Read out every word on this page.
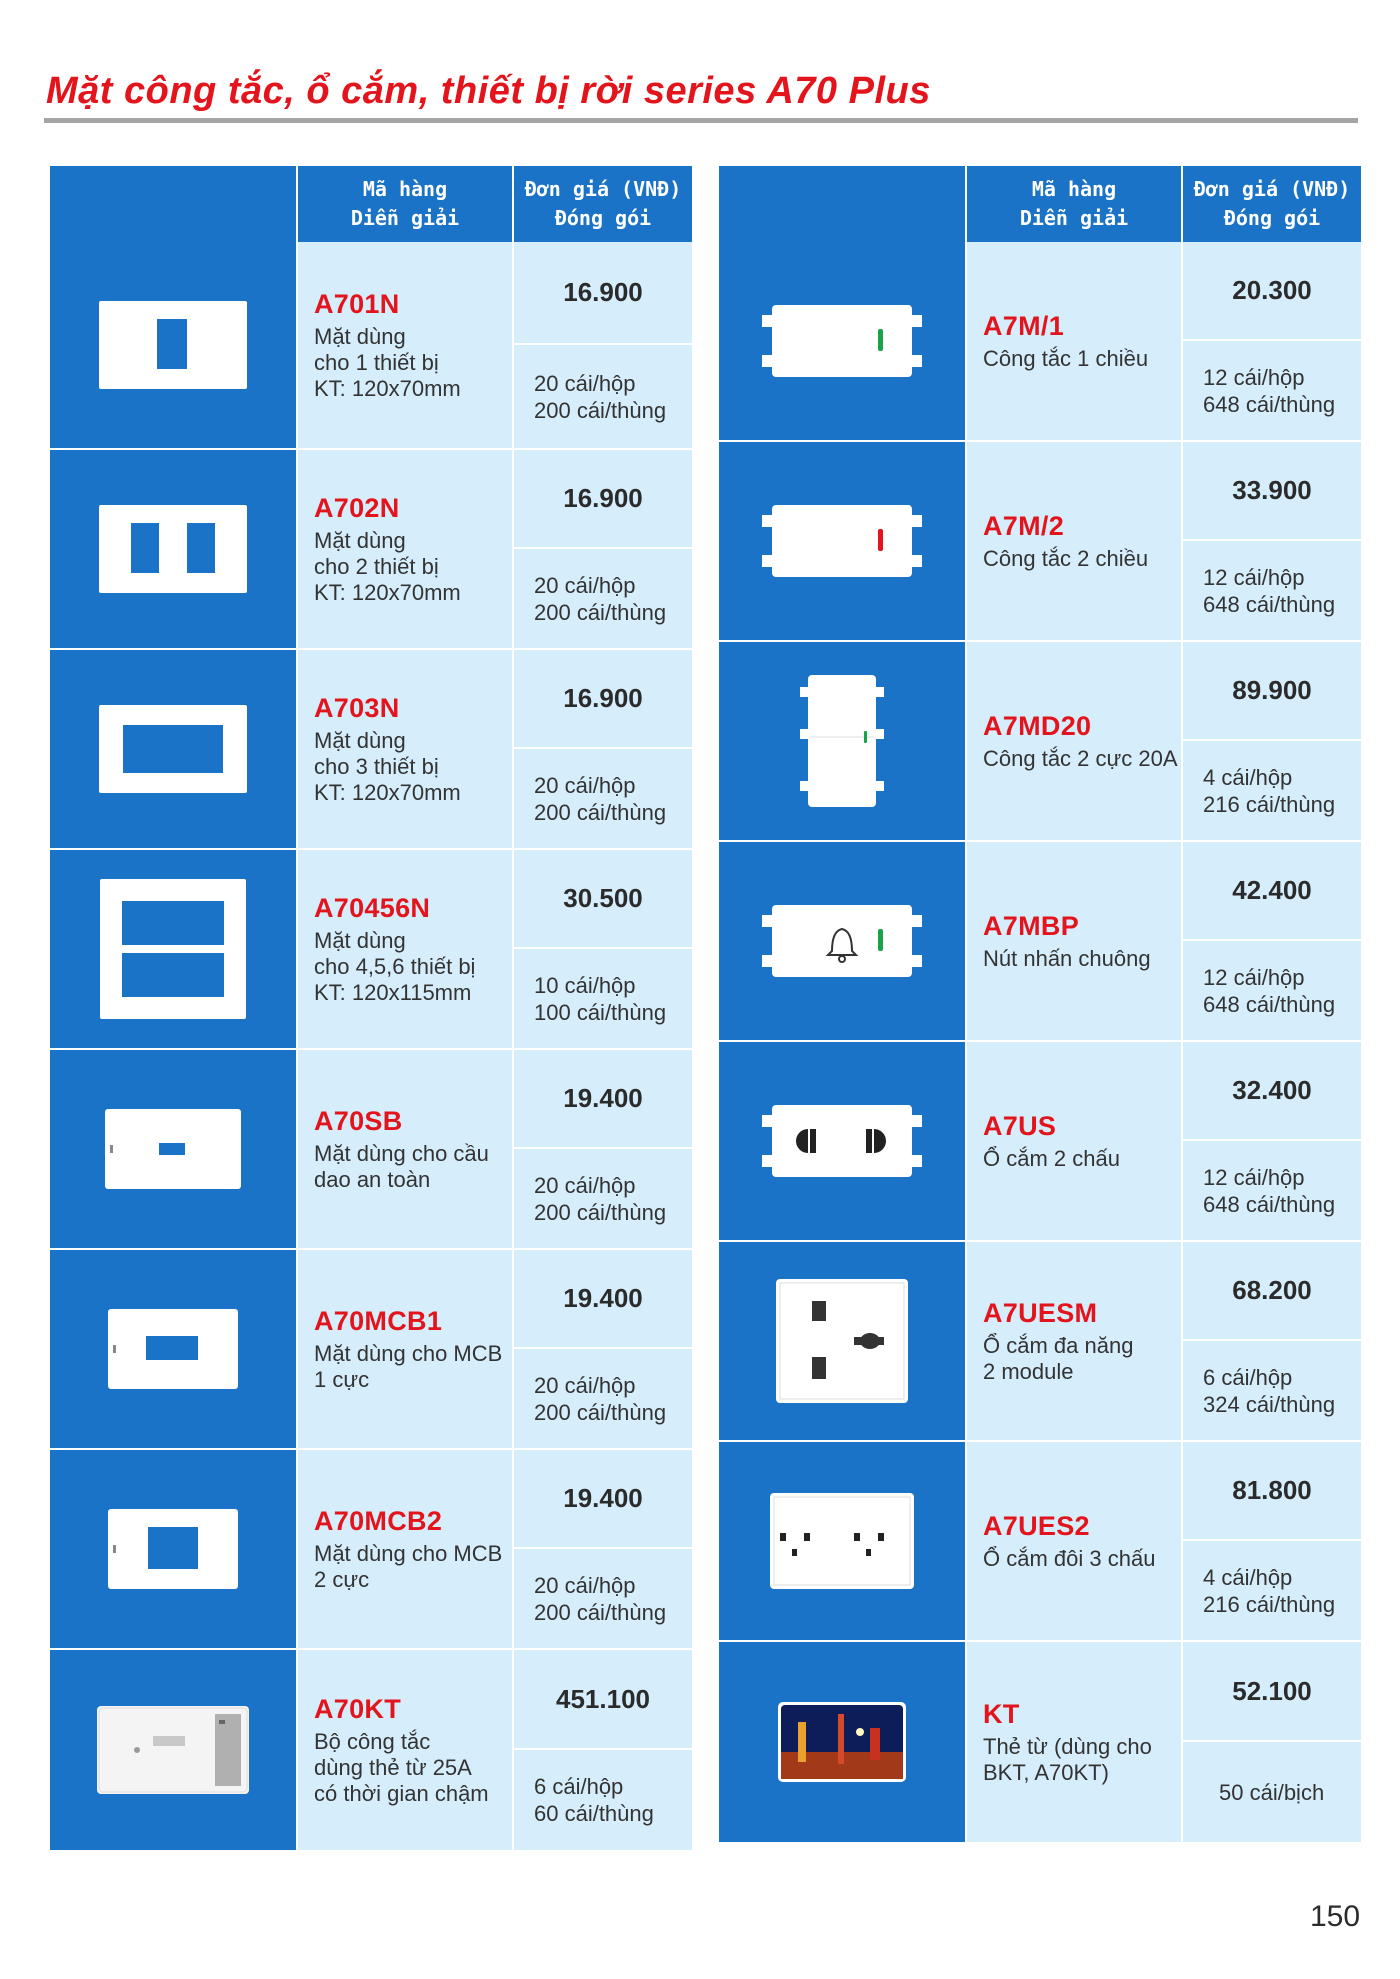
Mặt công tắc, ổ cắm, thiết bị rời series A70 Plus
Mã hàng
Diễn giải
Đơn giá (VNĐ)
Đóng gói
A701N
Mặt dùng
cho 1 thiết bị
KT: 120x70mm
16.900
20 cái/hộp
200 cái/thùng
A702N
Mặt dùng
cho 2 thiết bị
KT: 120x70mm
16.900
20 cái/hộp
200 cái/thùng
A703N
Mặt dùng
cho 3 thiết bị
KT: 120x70mm
16.900
20 cái/hộp
200 cái/thùng
A70456N
Mặt dùng
cho 4,5,6 thiết bị
KT: 120x115mm
30.500
10 cái/hộp
100 cái/thùng
A70SB
Mặt dùng cho cầu
dao an toàn
19.400
20 cái/hộp
200 cái/thùng
A70MCB1
Mặt dùng cho MCB
1 cực
19.400
20 cái/hộp
200 cái/thùng
A70MCB2
Mặt dùng cho MCB
2 cực
19.400
20 cái/hộp
200 cái/thùng
A70KT
Bộ công tắc
dùng thẻ từ 25A
có thời gian chậm
451.100
6 cái/hộp
60 cái/thùng
Mã hàng
Diễn giải
Đơn giá (VNĐ)
Đóng gói
A7M/1
Công tắc 1 chiều
20.300
12 cái/hộp
648 cái/thùng
A7M/2
Công tắc 2 chiều
33.900
12 cái/hộp
648 cái/thùng
A7MD20
Công tắc 2 cực 20A
89.900
4 cái/hộp
216 cái/thùng
A7MBP
Nút nhấn chuông
42.400
12 cái/hộp
648 cái/thùng
A7US
Ổ cắm 2 chấu
32.400
12 cái/hộp
648 cái/thùng
A7UESM
Ổ cắm đa năng
2 module
68.200
6 cái/hộp
324 cái/thùng
A7UES2
Ổ cắm đôi 3 chấu
81.800
4 cái/hộp
216 cái/thùng
KT
Thẻ từ (dùng cho
BKT, A70KT)
52.100
50 cái/bịch
150
